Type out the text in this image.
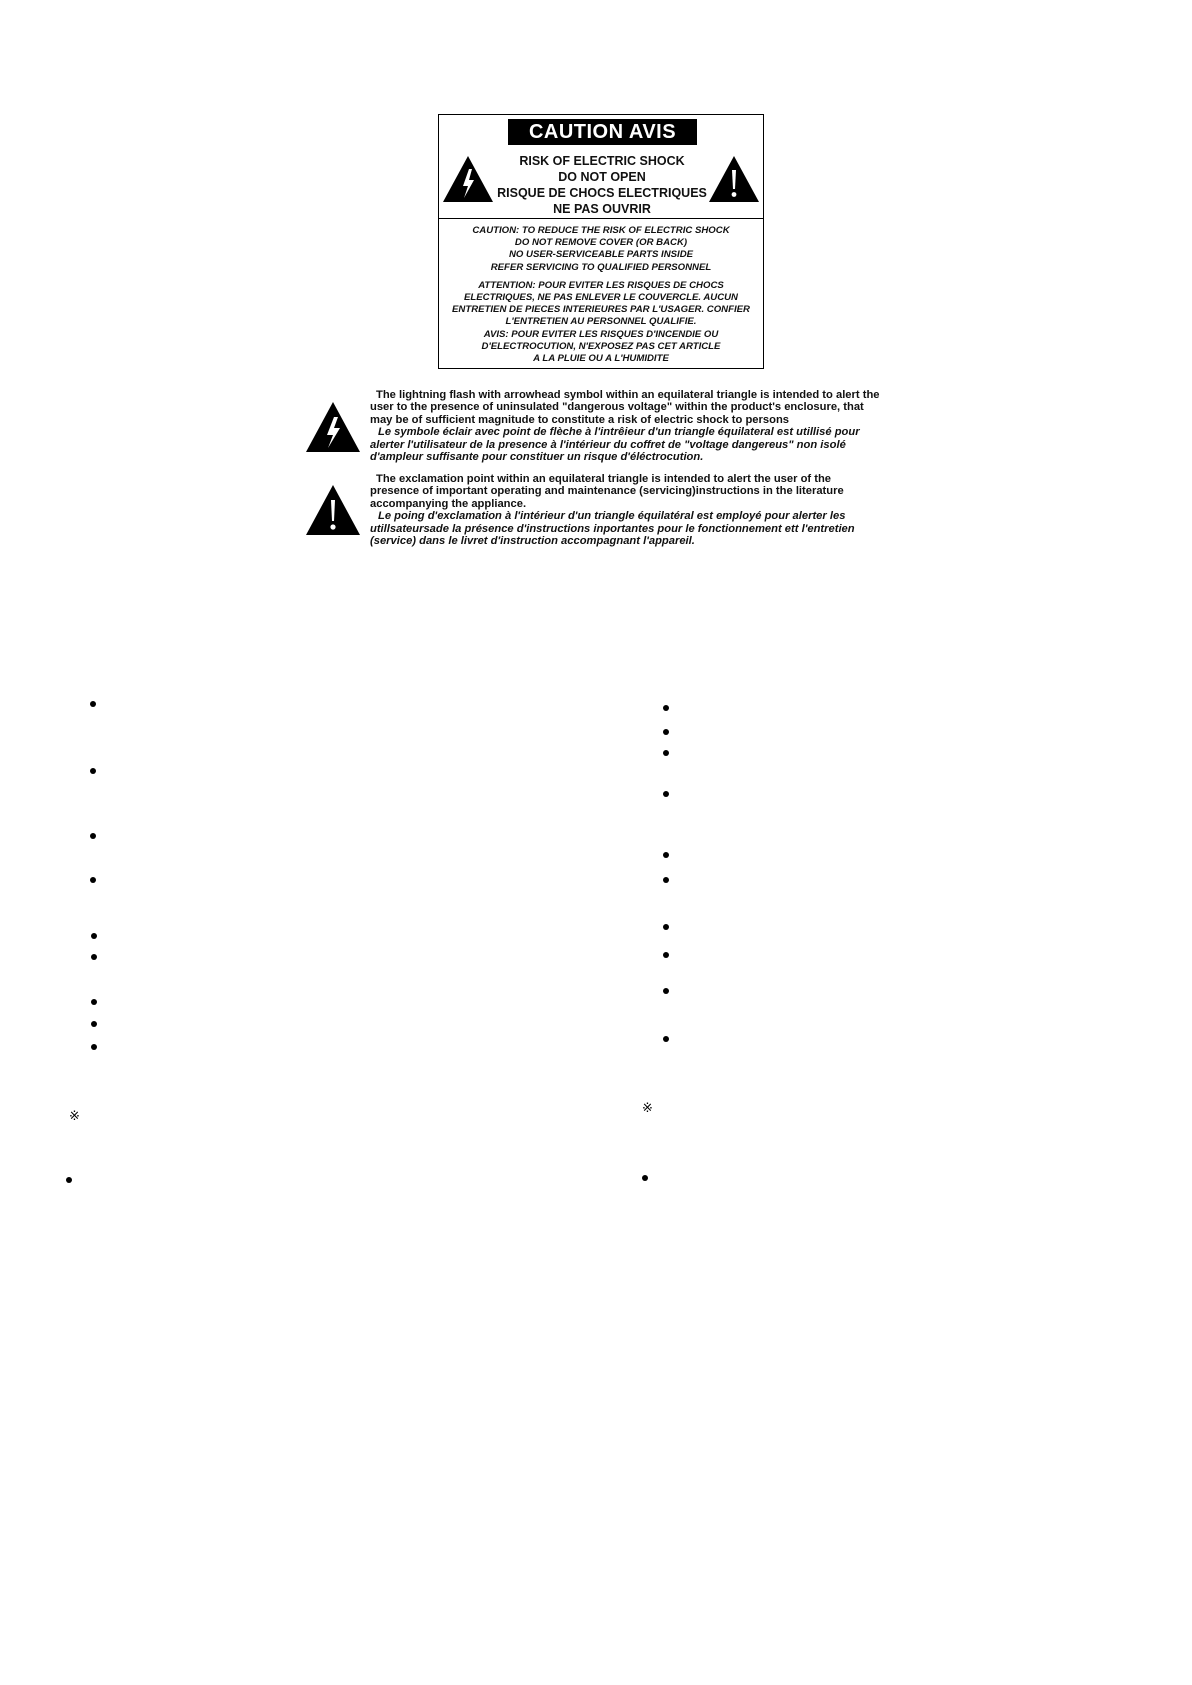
CAUTION AVIS
RISK OF ELECTRIC SHOCK
DO NOT OPEN
RISQUE DE CHOCS ELECTRIQUES
NE PAS OUVRIR
CAUTION: TO REDUCE THE RISK OF ELECTRIC SHOCK
DO NOT REMOVE COVER (OR BACK)
NO USER-SERVICEABLE PARTS INSIDE
REFER SERVICING TO QUALIFIED PERSONNEL
ATTENTION: POUR EVITER LES RISQUES DE CHOCS
ELECTRIQUES, NE PAS ENLEVER LE COUVERCLE. AUCUN
ENTRETIEN DE PIECES INTERIEURES PAR L'USAGER. CONFIER
L'ENTRETIEN AU PERSONNEL QUALIFIE.
AVIS: POUR EVITER LES RISQUES D'INCENDIE OU
D'ELECTROCUTION, N'EXPOSEZ PAS CET ARTICLE
A LA PLUIE OU A L'HUMIDITE

The lightning flash with arrowhead symbol within an equilateral triangle is intended to alert the

user to the presence of uninsulated "dangerous voltage" within the product's enclosure, that

may be of sufficient magnitude to constitute a risk of electric shock to persons

Le symbole éclair avec point de flèche à l'intrêieur d'un triangle équilateral est utillisé pour

alerter l'utilisateur de la presence à l'intérieur du coffret de "voltage dangereus" non isolé

d'ampleur suffisante pour constituer un risque d'éléctrocution.

The exclamation point within an equilateral triangle is intended to alert the user of the

presence of important operating and maintenance (servicing)instructions in the literature

accompanying the appliance.

Le poing d'exclamation à l'intérieur d'un triangle équilatéral est employé pour alerter les

utillsateursade la présence d'instructions inportantes pour le fonctionnement ett l'entretien

(service) dans le livret d'instruction accompagnant l'appareil.

※
※
